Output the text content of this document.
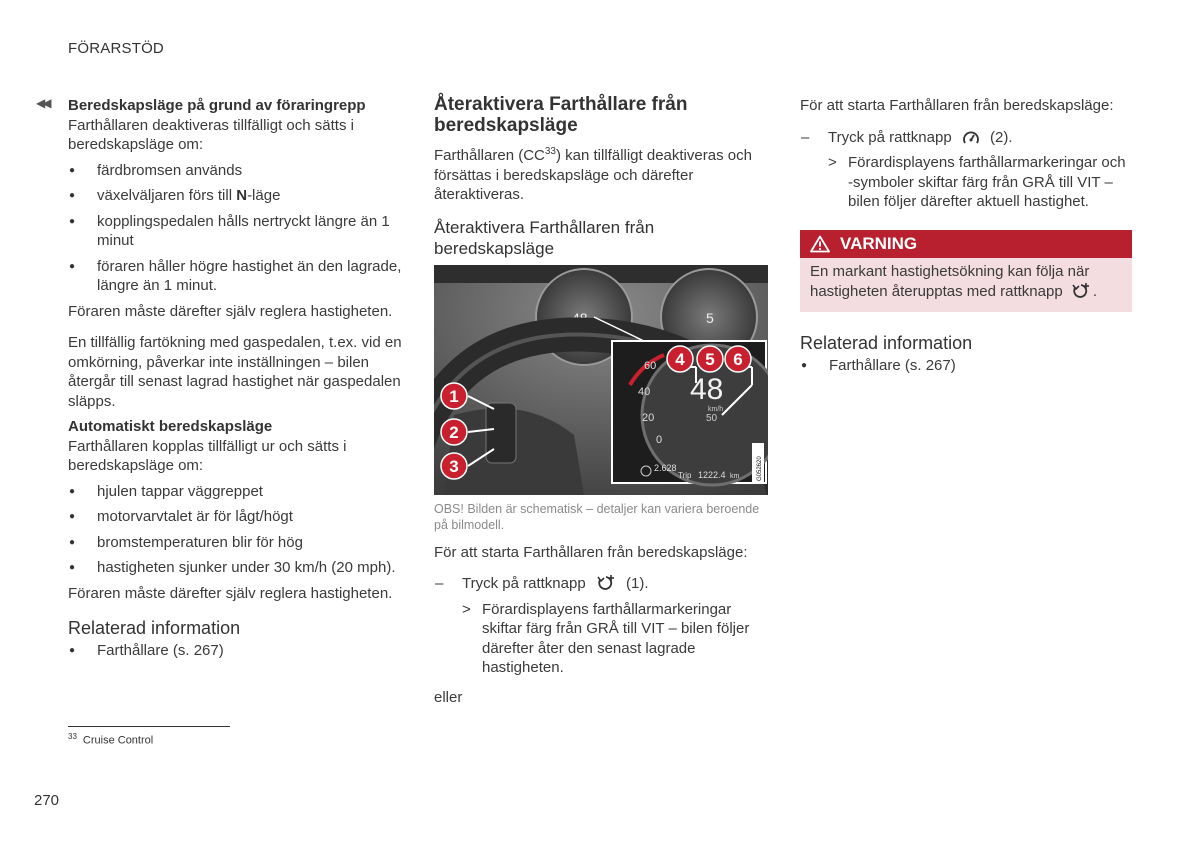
FÖRARSTÖD
◀◀ Beredskapsläge på grund av föraringrepp

Farthållaren deaktiveras tillfälligt och sätts i beredskapsläge om:

● färdbromsen används
● växelväljaren förs till N-läge
● kopplingspedalen hålls nertryckt längre än 1 minut
● föraren håller högre hastighet än den lagrade, längre än 1 minut.

Föraren måste därefter själv reglera hastigheten.

En tillfällig fartökning med gaspedalen, t.ex. vid en omkörning, påverkar inte inställningen – bilen återgår till senast lagrad hastighet när gaspedalen släpps.

Automatiskt beredskapsläge

Farthållaren kopplas tillfälligt ur och sätts i beredskapsläge om:

● hjulen tappar väggreppet
● motorvarvtalet är för lågt/högt
● bromstemperaturen blir för hög
● hastigheten sjunker under 30 km/h (20 mph).

Föraren måste därefter själv reglera hastigheten.

Relaterad information
● Farthållare (s. 267)
Återaktivera Farthållare från beredskapsläge

Farthållaren (CC$^{33}$) kan tillfälligt deaktiveras och försättas i beredskapsläge och därefter återaktiveras.

Återaktivera Farthållaren från beredskapsläge
48	5
60
40
20
0
48
km/h
50
2.628
Trip 1222.4 km	G052620
1
2
3
4 5 6

OBS! Bilden är schematisk – detaljer kan variera beroende på bilmodell.

För att starta Farthållaren från beredskapsläge:

– Tryck på rattknapp	(1).
> Förardisplayens farthållarmarkeringar skiftar färg från GRÅ till VIT – bilen följer därefter åter den senast lagrade hastigheten.

eller

För att starta Farthållaren från beredskapsläge:

– Tryck på rattknapp	(2).
> Förardisplayens farthållarmarkeringar och -symboler skiftar färg från GRÅ till VIT – bilen följer därefter aktuell hastighet.
VARNING
En markant hastighetsökning kan följa när hastigheten återupptas med rattknapp .
Relaterad information
● Farthållare (s. 267)
$^{33}$ Cruise Control
270
